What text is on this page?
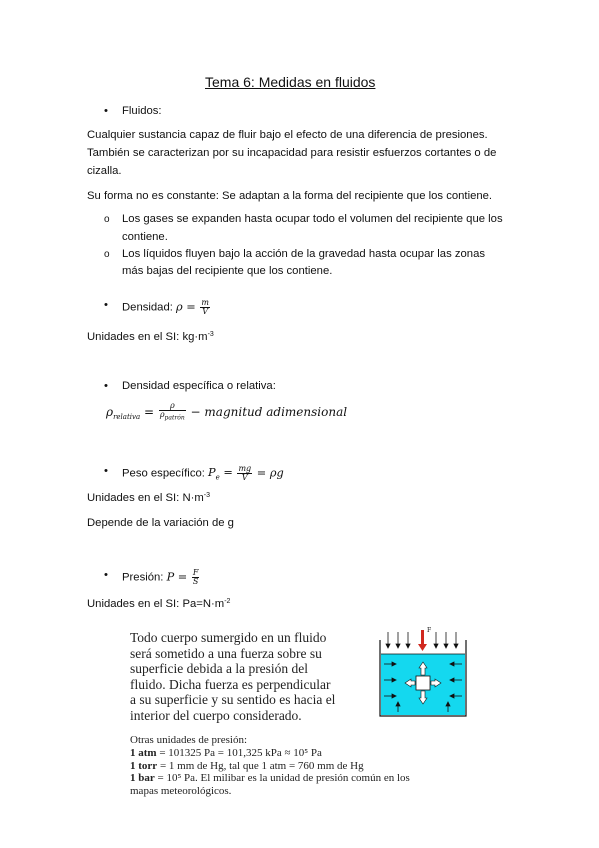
Tema 6: Medidas en fluidos
• Fluidos:
Cualquier sustancia capaz de fluir bajo el efecto de una diferencia de presiones.
También se caracterizan por su incapacidad para resistir esfuerzos cortantes o de
cizalla.
Su forma no es constante: Se adaptan a la forma del recipiente que los contiene.
o Los gases se expanden hasta ocupar todo el volumen del recipiente que los
contiene.
o Los líquidos fluyen bajo la acción de la gravedad hasta ocupar las zonas
más bajas del recipiente que los contiene.
• Densidad: $\rho = \frac{m}{V}$
Unidades en el SI: $kg\cdot m^{-3}$
• Densidad específica o relativa:
$\rho_{relativa} = \frac{\rho}{\rho_{patrón}}$ − magnitud adimensional
• Peso específico: $P_e = \frac{mg}{V} = \rho g$
Unidades en el SI: $N\cdot m^{-3}$
Depende de la variación de g
• Presión: $P = \frac{F}{S}$
Unidades en el SI: $Pa=N\cdot m^{-2}$
Todo cuerpo sumergido en un fluido
será sometido a una fuerza sobre su
superficie debida a la presión del
fluido. Dicha fuerza es perpendicular
a su superficie y su sentido es hacia el
interior del cuerpo considerado.
Otras unidades de presión:
1 atm = 101325 Pa = 101,325 kPa ≈ 10⁵ Pa
1 torr = 1 mm de Hg, tal que 1 atm = 760 mm de Hg
1 bar = 10⁵ Pa. El milibar es la unidad de presión común en los
mapas meteorológicos.
F
